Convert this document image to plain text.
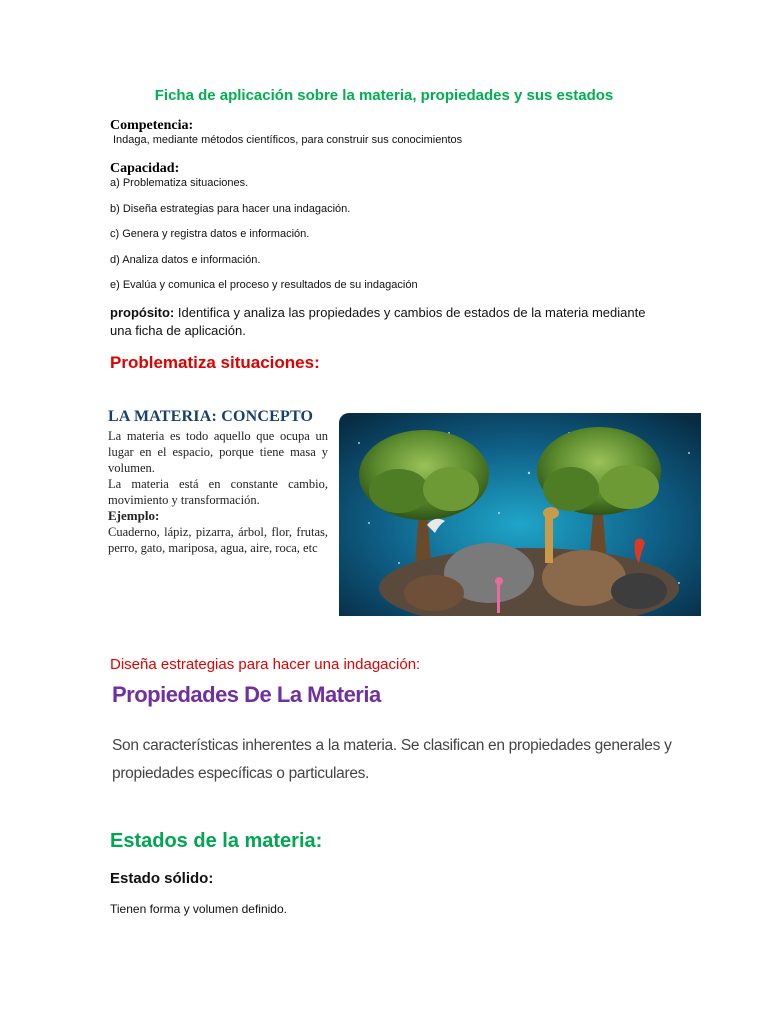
Ficha de aplicación sobre la materia, propiedades y sus estados
Competencia:
Indaga, mediante métodos científicos, para construir sus conocimientos
Capacidad:
a) Problematiza situaciones.
b) Diseña estrategias para hacer una indagación.
c) Genera y registra datos e información.
d) Analiza datos e información.
e) Evalúa y comunica el proceso y resultados de su indagación
propósito: Identifica y analiza las propiedades y cambios de estados de la materia mediante
una ficha de aplicación.
Problematiza situaciones:
LA MATERIA: CONCEPTO
La materia es todo aquello que ocupa un lugar en el espacio, porque tiene masa y volumen.
La materia está en constante cambio, movimiento y transformación.
Ejemplo:
Cuaderno, lápiz, pizarra, árbol, flor, frutas, perro, gato, mariposa, agua, aire, roca, etc
Diseña estrategias para hacer una indagación:
Propiedades De La Materia
Son características inherentes a la materia. Se clasifican en propiedades generales y propiedades específicas o particulares.
Estados de la materia:
Estado sólido:
Tienen forma y volumen definido.
